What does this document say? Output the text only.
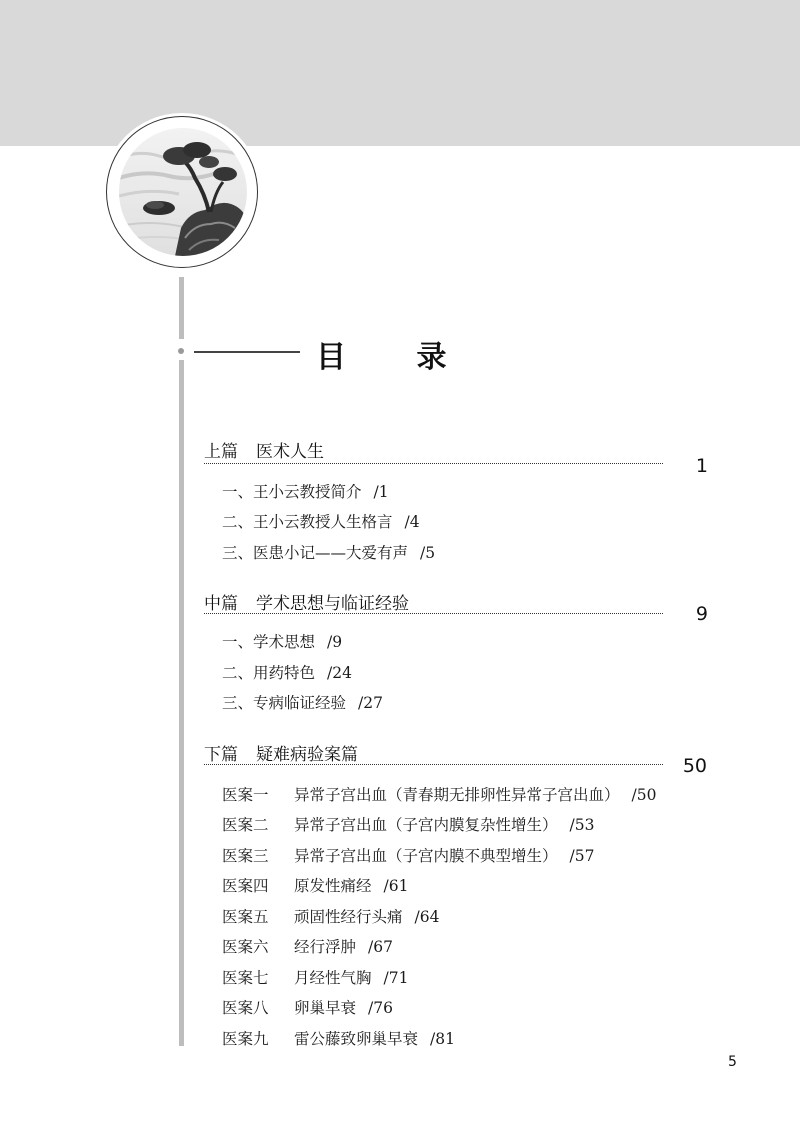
目 录
上篇 医术人生
1
一、王小云教授简介 /1
二、王小云教授人生格言 /4
三、医患小记——大爱有声 /5
中篇 学术思想与临证经验	9
一、学术思想 /9
二、用药特色 /24
三、专病临证经验 /27
下篇 疑难病验案篇	50
医案一 异常子宫出血（青春期无排卵性异常子宫出血） /50
医案二 异常子宫出血（子宫内膜复杂性增生） /53
医案三 异常子宫出血（子宫内膜不典型增生） /57
医案四 原发性痛经 /61
医案五 顽固性经行头痛 /64
医案六 经行浮肿 /67
医案七 月经性气胸 /71
医案八 卵巢早衰 /76
医案九 雷公藤致卵巢早衰 /81
5
